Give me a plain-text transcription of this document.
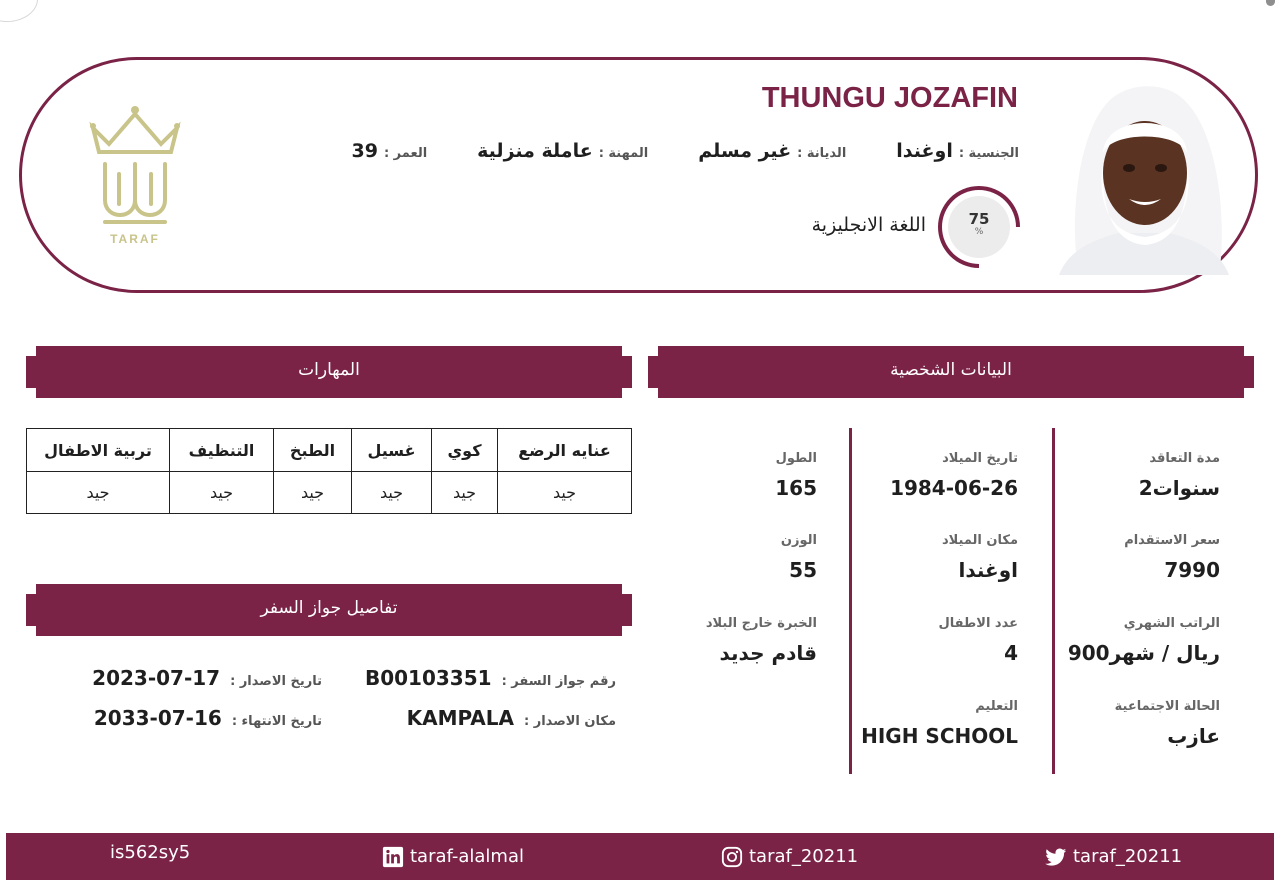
THUNGU JOZAFIN
الجنسية :
اوغندا
الديانة :
غير مسلم
المهنة :
عاملة منزلية
العمر :
39
75
%
اللغة الانجليزية
TARAF
المهارات	البيانات الشخصية
تفاصيل جواز السفر
عنايه الرضع	كوي	غسيل	الطبخ	التنظيف	تربية الاطفال
جيد	جيد	جيد	جيد	جيد	جيد
رقم جواز السفر :
B00103351
تاريخ الاصدار :
2023-07-17
مكان الاصدار :
KAMPALA
تاريخ الانتهاء :
2033-07-16
مدة التعاقد
2سنوات
سعر الاستقدام
7990
الراتب الشهري
900ريال / شهر
الحالة الاجتماعية
عازب
تاريخ الميلاد
1984-06-26
مكان الميلاد
اوغندا
عدد الاطفال
4
التعليم
HIGH SCHOOL
الطول
165
الوزن
55
الخبرة خارج البلاد
قادم جديد
is562sy5	taraf-alalmal	taraf_20211	taraf_20211
